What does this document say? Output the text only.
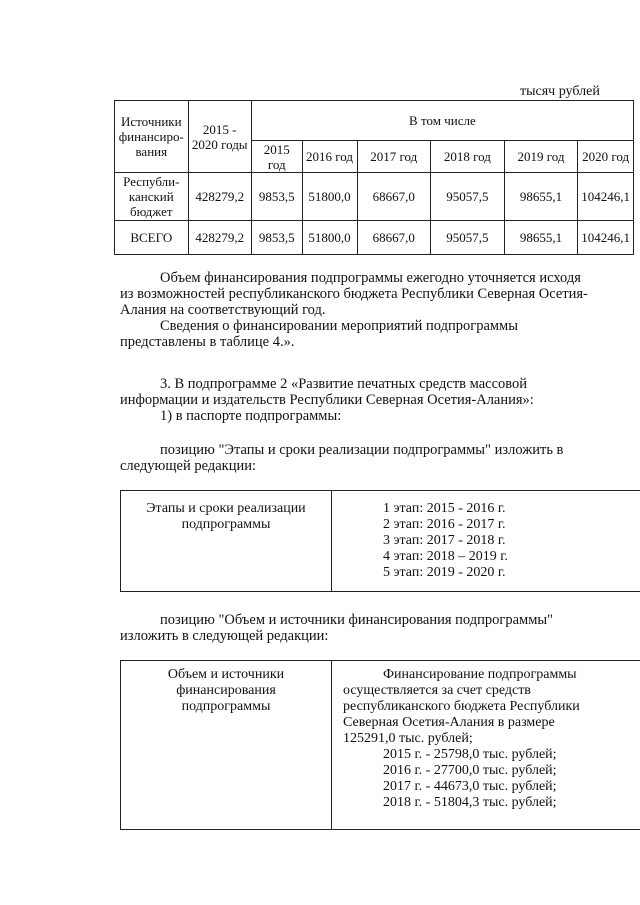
тысяч рублей
Источники финансиро-вания	2015 - 2020 годы	В том числе					
		2015 год	2016 год	2017 год	2018 год	2019 год	2020 год
Республи-канский бюджет	428279,2	9853,5	51800,0	68667,0	95057,5	98655,1	104246,1
ВСЕГО	428279,2	9853,5	51800,0	68667,0	95057,5	98655,1	104246,1
Объем финансирования подпрограммы ежегодно уточняется исходя
из возможностей республиканского бюджета Республики Северная Осетия-
Алания на соответствующий год.
Сведения о финансировании мероприятий подпрограммы
представлены в таблице 4.».
3. В подпрограмме 2 «Развитие печатных средств массовой
информации и издательств Республики Северная Осетия-Алания»:
1) в паспорте подпрограммы:
позицию "Этапы и сроки реализации подпрограммы" изложить в
следующей редакции:
Этапы и сроки реализации подпрограммы
1 этап: 2015 - 2016 г.
2 этап: 2016 - 2017 г.
3 этап: 2017 - 2018 г.
4 этап: 2018 – 2019 г.
5 этап: 2019 - 2020 г.
позицию "Объем и источники финансирования подпрограммы"
изложить в следующей редакции:
Объем и источники финансирования подпрограммы
Финансирование подпрограммы
осуществляется за счет средств
республиканского бюджета Республики
Северная Осетия-Алания в размере
125291,0 тыс. рублей;
2015 г. - 25798,0 тыс. рублей;
2016 г. - 27700,0 тыс. рублей;
2017 г. - 44673,0 тыс. рублей;
2018 г. - 51804,3 тыс. рублей;
